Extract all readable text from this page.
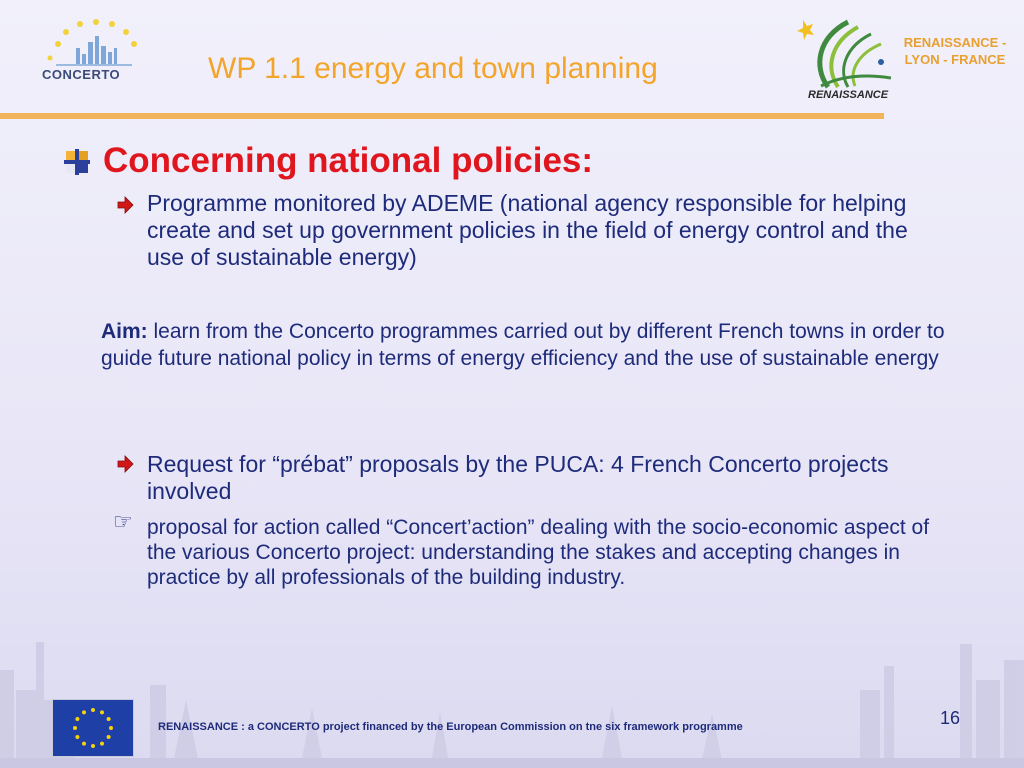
CONCERTO	WP 1.1 energy and town planning
RENAISSANCE
RENAISSANCE - LYON - FRANCE
Concerning national policies:
Programme monitored by ADEME (national agency responsible for helping create and set up government policies in the field of energy control and the use of sustainable energy)
Aim: learn from the Concerto programmes carried out by different French towns in order to guide future national policy in terms of energy efficiency and the use of sustainable energy
Request for “prébat” proposals by the PUCA: 4 French Concerto projects involved
☞ proposal for action called “Concert’action” dealing with the socio-economic aspect of the various Concerto project: understanding the stakes and accepting changes in practice by all professionals of the building industry.
RENAISSANCE : a CONCERTO project financed by the European Commission on tne six framework programme	16
